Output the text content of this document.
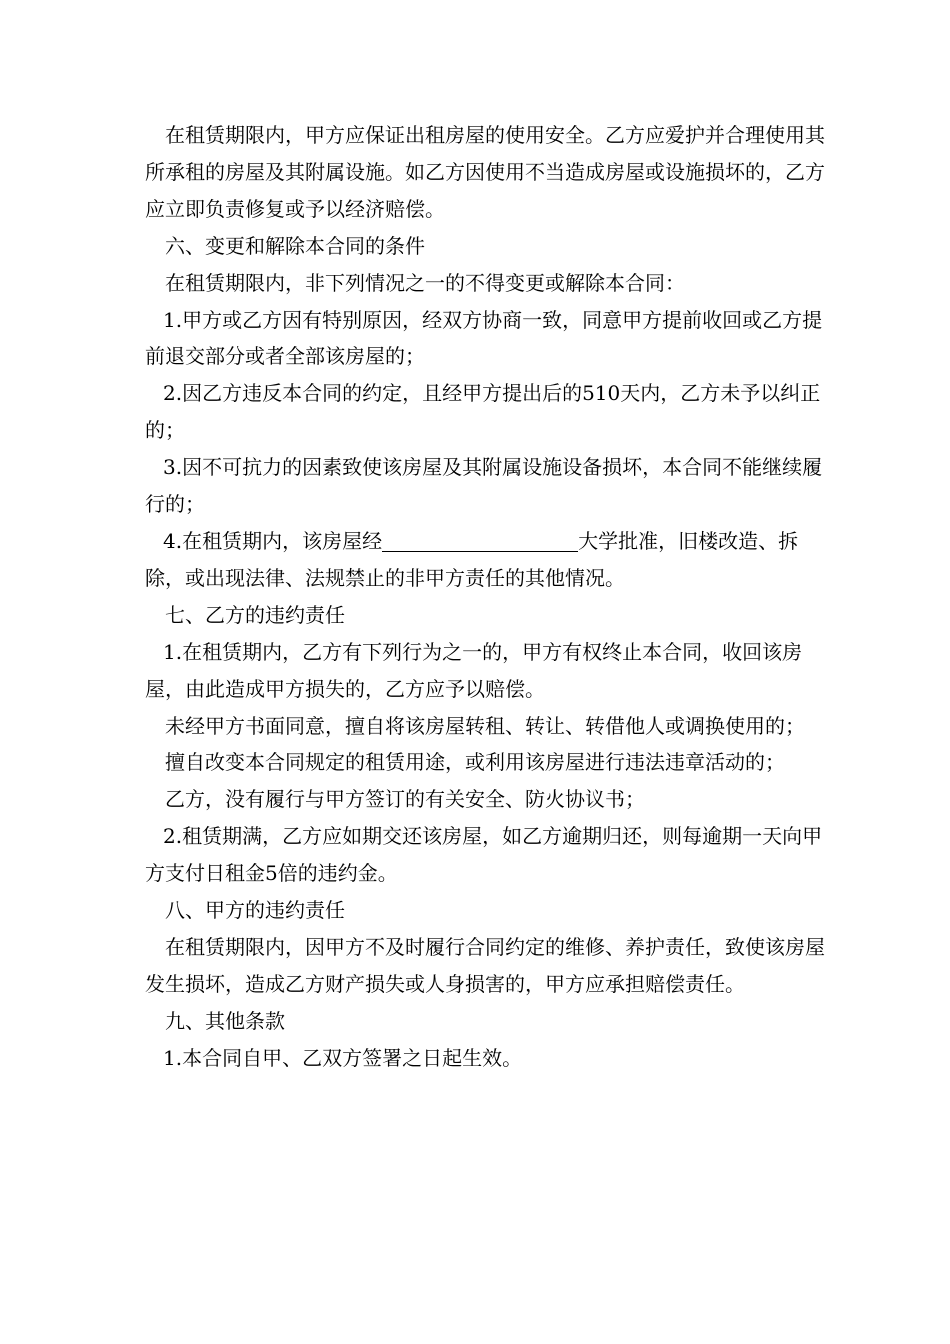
在租赁期限内，甲方应保证出租房屋的使用安全。乙方应爱护并合理使用其所承租的房屋及其附属设施。如乙方因使用不当造成房屋或设施损坏的，乙方应立即负责修复或予以经济赔偿。

六、变更和解除本合同的条件

在租赁期限内，非下列情况之一的不得变更或解除本合同：

1.甲方或乙方因有特别原因，经双方协商一致，同意甲方提前收回或乙方提前退交部分或者全部该房屋的；

2.因乙方违反本合同的约定，且经甲方提出后的510天内，乙方未予以纠正的；

3.因不可抗力的因素致使该房屋及其附属设施设备损坏，本合同不能继续履行的；

4.在租赁期内，该房屋经	大学批准，旧楼改造、拆除，或出现法律、法规禁止的非甲方责任的其他情况。

七、乙方的违约责任

1.在租赁期内，乙方有下列行为之一的，甲方有权终止本合同，收回该房屋，由此造成甲方损失的，乙方应予以赔偿。

未经甲方书面同意，擅自将该房屋转租、转让、转借他人或调换使用的；

擅自改变本合同规定的租赁用途，或利用该房屋进行违法违章活动的；

乙方，没有履行与甲方签订的有关安全、防火协议书；

2.租赁期满，乙方应如期交还该房屋，如乙方逾期归还，则每逾期一天向甲方支付日租金5倍的违约金。

八、甲方的违约责任

在租赁期限内，因甲方不及时履行合同约定的维修、养护责任，致使该房屋发生损坏，造成乙方财产损失或人身损害的，甲方应承担赔偿责任。

九、其他条款

1.本合同自甲、乙双方签署之日起生效。
